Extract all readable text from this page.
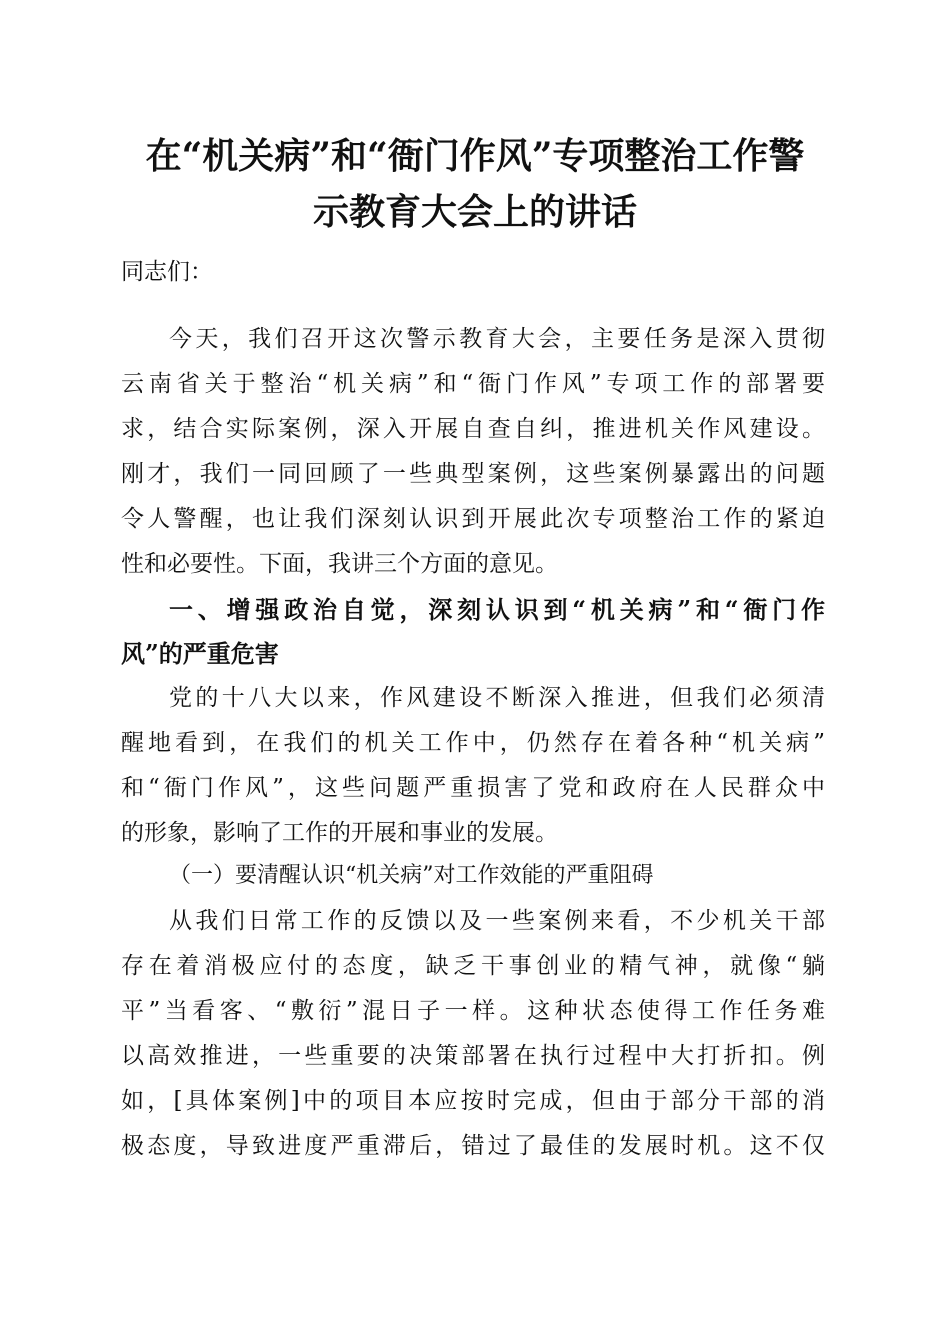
在“机关病”和“衙门作风”专项整治工作警
示教育大会上的讲话

同志们：

今天，我们召开这次警示教育大会，主要任务是深入贯彻
云南省关于整治“机关病”和“衙门作风”专项工作的部署要
求，结合实际案例，深入开展自查自纠，推进机关作风建设。
刚才，我们一同回顾了一些典型案例，这些案例暴露出的问题
令人警醒，也让我们深刻认识到开展此次专项整治工作的紧迫
性和必要性。下面，我讲三个方面的意见。
一、增强政治自觉，深刻认识到“机关病”和“衙门作
风”的严重危害
党的十八大以来，作风建设不断深入推进，但我们必须清
醒地看到，在我们的机关工作中，仍然存在着各种“机关病”
和“衙门作风”，这些问题严重损害了党和政府在人民群众中
的形象，影响了工作的开展和事业的发展。

（一）要清醒认识“机关病”对工作效能的严重阻碍

从我们日常工作的反馈以及一些案例来看，不少机关干部
存在着消极应付的态度，缺乏干事创业的精气神，就像“躺
平”当看客、“敷衍”混日子一样。这种状态使得工作任务难
以高效推进，一些重要的决策部署在执行过程中大打折扣。例
如，[具体案例]中的项目本应按时完成，但由于部分干部的消
极态度，导致进度严重滞后，错过了最佳的发展时机。这不仅
